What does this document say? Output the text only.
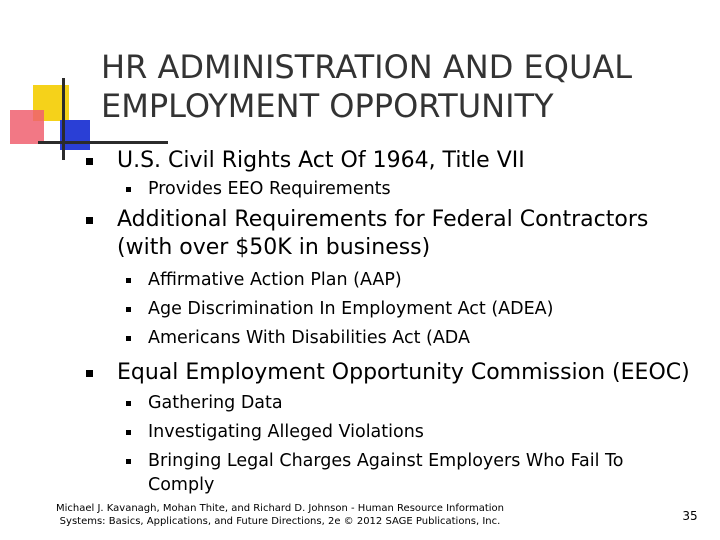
HR ADMINISTRATION AND EQUAL EMPLOYMENT OPPORTUNITY
U.S. Civil Rights Act Of 1964, Title VII
Provides EEO Requirements
Additional Requirements for Federal Contractors (with over $50K in business)
Affirmative Action Plan (AAP)
Age Discrimination In Employment Act (ADEA)
Americans With Disabilities Act (ADA
Equal Employment Opportunity Commission (EEOC)
Gathering Data
Investigating Alleged Violations
Bringing Legal Charges Against Employers Who Fail To Comply
Michael J. Kavanagh, Mohan Thite, and Richard D. Johnson - Human Resource Information Systems: Basics, Applications, and Future Directions, 2e © 2012 SAGE Publications, Inc.	35
